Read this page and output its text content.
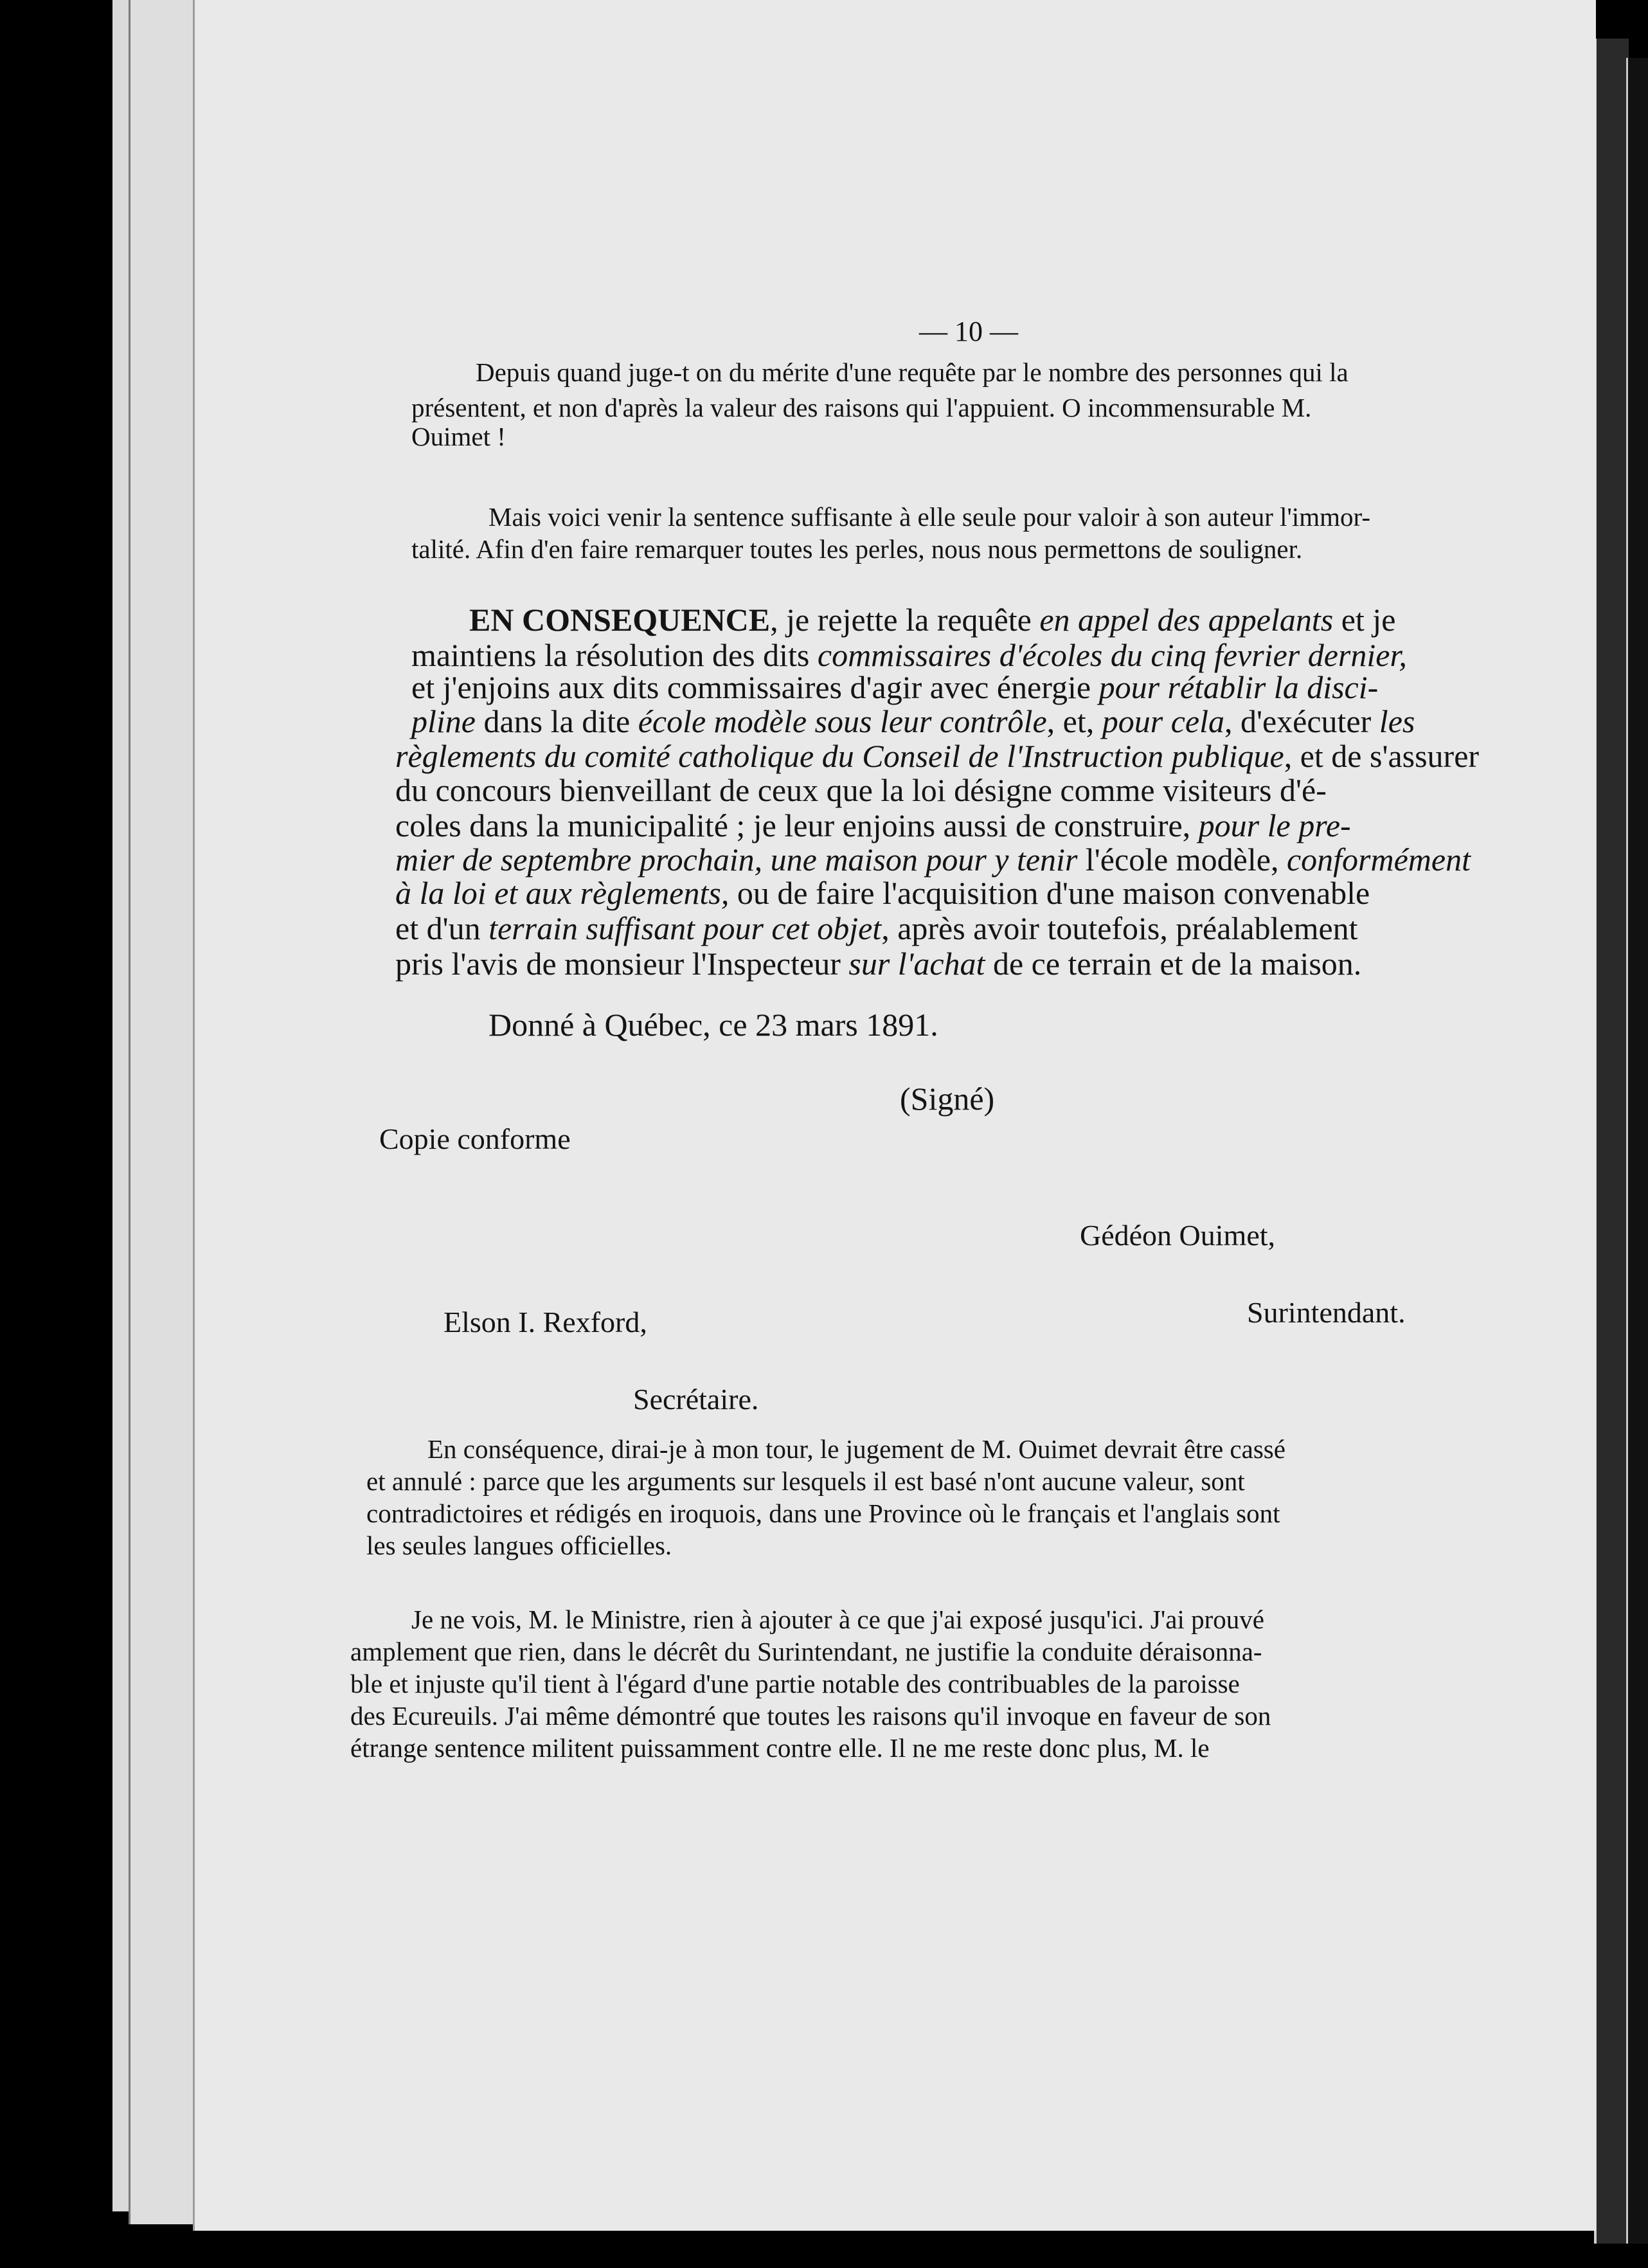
— 10 —
Depuis quand juge-t on du mérite d'une requête par le nombre des personnes qui la
présentent, et non d'après la valeur des raisons qui l'appuient. O incommensurable M.
Ouimet !
Mais voici venir la sentence suffisante à elle seule pour valoir à son auteur l'immor-
talité. Afin d'en faire remarquer toutes les perles, nous nous permettons de souligner.
EN CONSEQUENCE, je rejette la requête en appel des appelants et je
maintiens la résolution des dits commissaires d'écoles du cinq fevrier dernier,
et j'enjoins aux dits commissaires d'agir avec énergie pour rétablir la disci-
pline dans la dite école modèle sous leur contrôle, et, pour cela, d'exécuter les
règlements du comité catholique du Conseil de l'Instruction publique, et de s'assurer
du concours bienveillant de ceux que la loi désigne comme visiteurs d'é-
coles dans la municipalité ; je leur enjoins aussi de construire, pour le pre-
mier de septembre prochain, une maison pour y tenir l'école modèle, conformément
à la loi et aux règlements, ou de faire l'acquisition d'une maison convenable
et d'un terrain suffisant pour cet objet, après avoir toutefois, préalablement
pris l'avis de monsieur l'Inspecteur sur l'achat de ce terrain et de la maison.
Donné à Québec, ce 23 mars 1891.
(Signé)
Copie conforme
Gédéon Ouimet,
Surintendant.
Elson I. Rexford,
Secrétaire.
En conséquence, dirai-je à mon tour, le jugement de M. Ouimet devrait être cassé
et annulé : parce que les arguments sur lesquels il est basé n'ont aucune valeur, sont
contradictoires et rédigés en iroquois, dans une Province où le français et l'anglais sont
les seules langues officielles.
Je ne vois, M. le Ministre, rien à ajouter à ce que j'ai exposé jusqu'ici. J'ai prouvé
amplement que rien, dans le décrêt du Surintendant, ne justifie la conduite déraisonna-
ble et injuste qu'il tient à l'égard d'une partie notable des contribuables de la paroisse
des Ecureuils. J'ai même démontré que toutes les raisons qu'il invoque en faveur de son
étrange sentence militent puissamment contre elle. Il ne me reste donc plus, M. le
